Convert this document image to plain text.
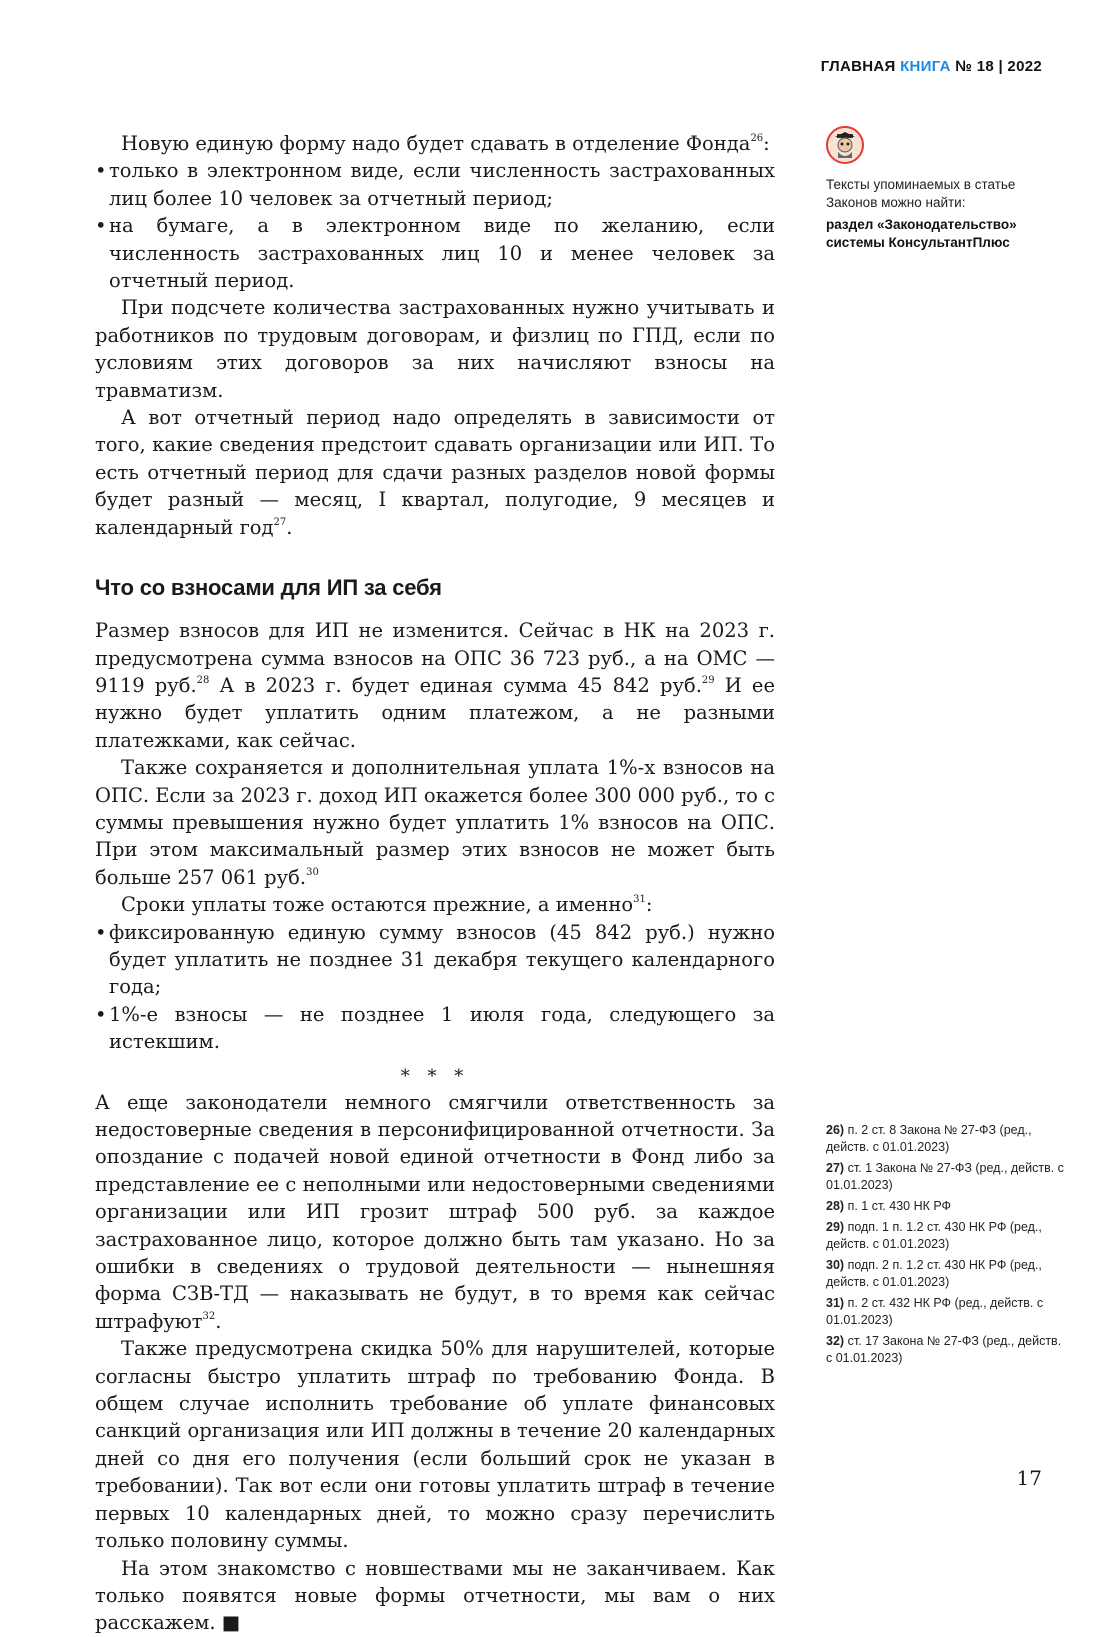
ГЛАВНАЯ КНИГА № 18 | 2022

Новую единую форму надо будет сдавать в отделение Фонда$^{26}$:

• только в электронном виде, если численность застрахованных лиц более 10 человек за отчетный период;

• на бумаге, а в электронном виде по желанию, если численность застрахованных лиц 10 и менее человек за отчетный период.

При подсчете количества застрахованных нужно учитывать и работников по трудовым договорам, и физлиц по ГПД, если по условиям этих договоров за них начисляют взносы на травматизм.

А вот отчетный период надо определять в зависимости от того, какие сведения предстоит сдавать организации или ИП. То есть отчетный период для сдачи разных разделов новой формы будет разный — месяц, I квартал, полугодие, 9 месяцев и календарный год$^{27}$.

Что со взносами для ИП за себя

Размер взносов для ИП не изменится. Сейчас в НК на 2023 г. предусмотрена сумма взносов на ОПС 36 723 руб., а на ОМС — 9119 руб.$^{28}$ А в 2023 г. будет единая сумма 45 842 руб.$^{29}$ И ее нужно будет уплатить одним платежом, а не разными платежками, как сейчас.

Также сохраняется и дополнительная уплата 1%-х взносов на ОПС. Если за 2023 г. доход ИП окажется более 300 000 руб., то с суммы превышения нужно будет уплатить 1% взносов на ОПС. При этом максимальный размер этих взносов не может быть больше 257 061 руб.$^{30}$

Сроки уплаты тоже остаются прежние, а именно$^{31}$:

• фиксированную единую сумму взносов (45 842 руб.) нужно будет уплатить не позднее 31 декабря текущего календарного года;

• 1%-е взносы — не позднее 1 июля года, следующего за истекшим.

* * *

А еще законодатели немного смягчили ответственность за недостоверные сведения в персонифицированной отчетности. За опоздание с подачей новой единой отчетности в Фонд либо за представление ее с неполными или недостоверными сведениями организации или ИП грозит штраф 500 руб. за каждое застрахованное лицо, которое должно быть там указано. Но за ошибки в сведениях о трудовой деятельности — нынешняя форма СЗВ-ТД — наказывать не будут, в то время как сейчас штрафуют$^{32}$.

Также предусмотрена скидка 50% для нарушителей, которые согласны быстро уплатить штраф по требованию Фонда. В общем случае исполнить требование об уплате финансовых санкций организация или ИП должны в течение 20 календарных дней со дня его получения (если больший срок не указан в требовании). Так вот если они готовы уплатить штраф в течение первых 10 календарных дней, то можно сразу перечислить только половину суммы.

На этом знакомство с новшествами мы не заканчиваем. Как только появятся новые формы отчетности, мы вам о них расскажем. ■

Тексты упоминаемых в статье Законов можно найти:
раздел «Законодательство» системы КонсультантПлюс
26) п. 2 ст. 8 Закона № 27-ФЗ (ред., действ. с 01.01.2023)
27) ст. 1 Закона № 27-ФЗ (ред., действ. с 01.01.2023)
28) п. 1 ст. 430 НК РФ
29) подп. 1 п. 1.2 ст. 430 НК РФ (ред., действ. с 01.01.2023)
30) подп. 2 п. 1.2 ст. 430 НК РФ (ред., действ. с 01.01.2023)
31) п. 2 ст. 432 НК РФ (ред., действ. с 01.01.2023)
32) ст. 17 Закона № 27-ФЗ (ред., действ. с 01.01.2023)
17
